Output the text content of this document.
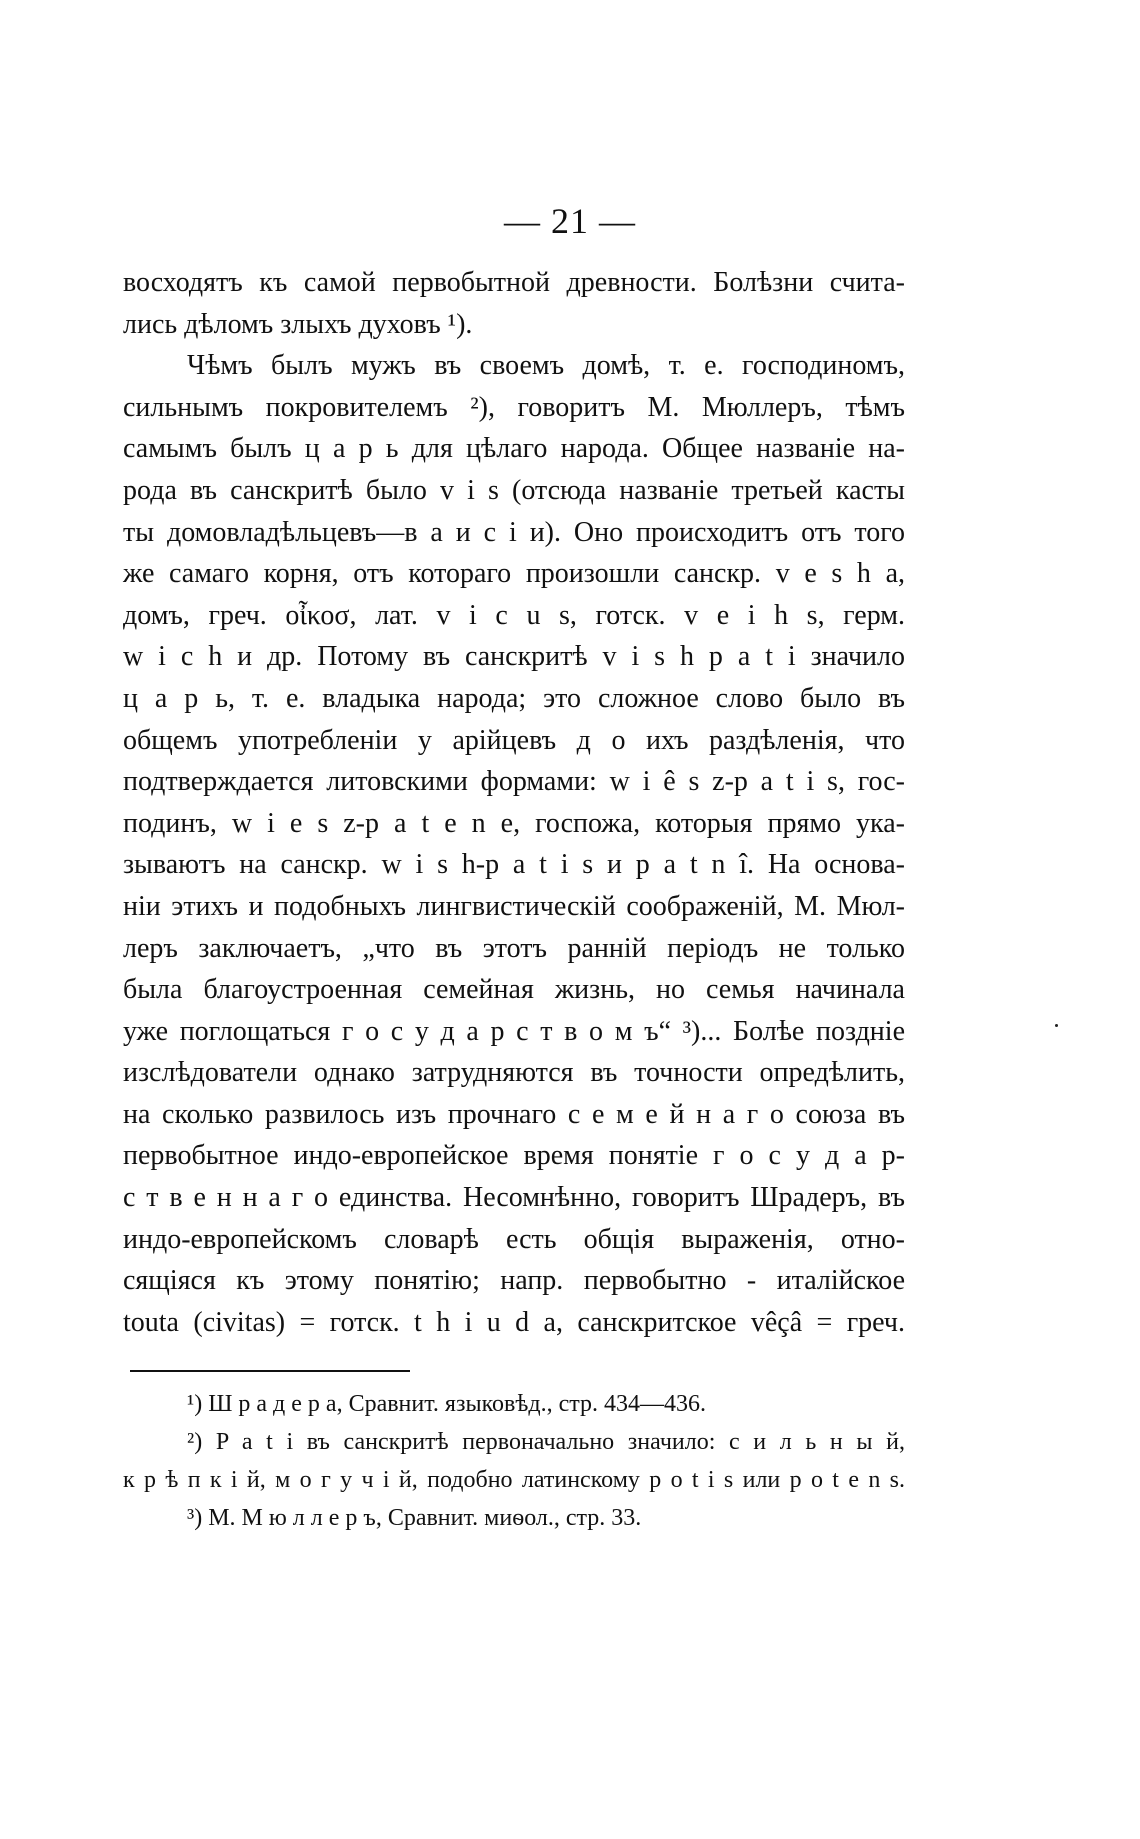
— 21 —
восходятъ къ самой первобытной древности. Болѣзни счита-
лись дѣломъ злыхъ духовъ ¹).
Чѣмъ былъ мужъ въ своемъ домѣ, т. е. господиномъ,
сильнымъ покровителемъ ²), говоритъ М. Мюллеръ, тѣмъ
самымъ былъ ц а р ь для цѣлаго народа. Общее названіе на-
рода въ санскритѣ было v i s (отсюда названіе третьей касты
ты домовладѣльцевъ—в а и с і и). Оно происходитъ отъ того
же самаго корня, отъ котораго произошли санскр. v e s h a,
домъ, греч. οἶκοσ, лат. v i c u s, готск. v e i h s, герм.
w i c h и др. Потому въ санскритѣ v i s h p a t i значило
ц а р ь, т. е. владыка народа; это сложное слово было въ
общемъ употребленіи у арійцевъ д о ихъ раздѣленія, что
подтверждается литовскими формами: w i ê s z-p a t i s, гос-
подинъ, w i e s z-p a t e n e, госпожа, которыя прямо ука-
зываютъ на санскр. w i s h-p a t i s и p a t n î. На основа-
ніи этихъ и подобныхъ лингвистическій соображеній, М. Мюл-
леръ заключаетъ, „что въ этотъ ранній періодъ не только
была благоустроенная семейная жизнь, но семья начинала
уже поглощаться г о с у д а р с т в о м ъ“ ³)... Болѣе поздніе
изслѣдователи однако затрудняются въ точности опредѣлить,
на сколько развилось изъ прочнаго с е м е й н а г о союза въ
первобытное индо-европейское время понятіе г о с у д а р-
с т в е н н а г о единства. Несомнѣнно, говоритъ Шрадеръ, въ
индо-европейскомъ словарѣ есть общія выраженія, отно-
сящіяся къ этому понятію; напр. первобытно - италійское
touta (civitas) = готск. t h i u d a, санскритское vêçâ = греч.
¹) Ш р а д е р а, Сравнит. языковѣд., стр. 434—436.
²) P a t i въ санскритѣ первоначально значило: с и л ь н ы й,
к р ѣ п к і й, м о г у ч і й, подобно латинскому p o t i s или p o t e n s.
³) М. М ю л л е р ъ, Сравнит. миѳол., стр. 33.
